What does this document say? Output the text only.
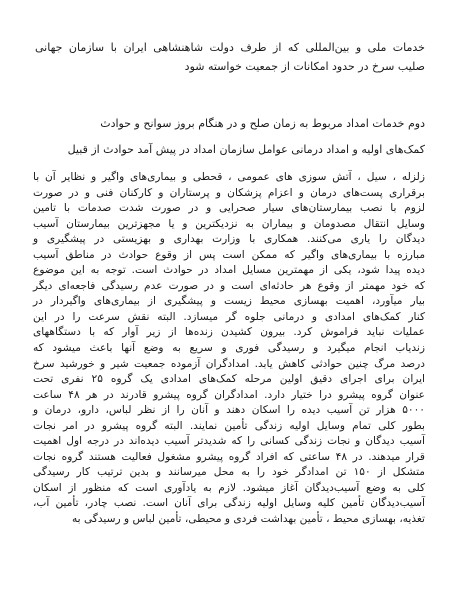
خدمات ملی و بین‌المللی که از طرف دولت شاهنشاهی ایران با سازمان جهانی
صلیب سرخ در حدود امکانات از جمعیت خواسته شود

دوم خدمات امداد مربوط به زمان صلح و در هنگام بروز سوانح و حوادث

کمک‌های اولیه و امداد درمانی عوامل سازمان امداد در پیش آمد حوادث از قبیل

زلزله ، سیل ، آتش سوزی های عمومی ، قحطی و بیماری‌های واگیر و نظایر آن با
برقراری پست‌های درمان و اعزام پزشکان و پرستاران و کارکنان فنی و در صورت
لزوم با نصب بیمارستان‌های سیار صحرایی و در صورت شدت صدمات با تامین
وسایل انتقال مصدومان و بیماران به نزدیکترین و یا مجهزترین بیمارستان آسیب
دیدگان را یاری می‌کنند. همکاری با وزارت بهداری و بهزیستی در پیشگیری و
مبارزه با بیماری‌های واگیر که ممکن است پس از وقوع حوادث در مناطق آسیب
دیده پیدا شود، یکی از مهمترین مسایل امداد در حوادث است. توجه به این موضوع
که خود مهمتر از وقوع هر حادثه‌ای است و در صورت عدم رسیدگی فاجعه‌ای دیگر
بیار میآورد، اهمیت بهسازی محیط زیست و پیشگیری از بیماری‌های واگیردار در
کنار کمک‌های امدادی و درمانی جلوه گر میسازد. البته نقش سرعت را در این
عملیات نباید فراموش کرد. بیرون کشیدن زنده‌ها از زیر آوار که با دستگاههای
زندیاب انجام میگیرد و رسیدگی فوری و سریع به وضع آنها باعث میشود که
درصد مرگ چنین حوادثی کاهش یابد. امدادگران آزموده جمعیت شیر و خورشید سرخ
ایران برای اجرای دقیق اولین مرحله کمک‌های امدادی یک گروه ۲۵ نفری تحت
عنوان گروه پیشرو درا ختیار دارد. امدادگران گروه پیشرو قادرند در هر ۴۸ ساعت
۵۰۰۰ هزار تن آسیب دیده را اسکان دهند و آنان را از نظر لباس، دارو، درمان و
بطور کلی تمام وسایل اولیه زندگی تأمین نمایند. البته گروه پیشرو در امر نجات
آسیب دیدگان و نجات زندگی کسانی را که شدیدتر آسیب دیده‌اند در درجه اول اهمیت
قرار میدهند. در ۴۸ ساعتی که افراد گروه پیشرو مشغول فعالیت هستند گروه نجات
متشکل از ۱۵۰ تن امدادگر خود را به محل میرسانند و بدین ترتیب کار رسیدگی
کلی به وضع آسیب‌دیدگان آغاز میشود. لازم به یادآوری است که منظور از اسکان
آسیب‌دیدگان تأمین کلیه وسایل اولیه زندگی برای آنان است. نصب چادر، تأمین آب،
تغذیه، بهسازی محیط ، تأمین بهداشت فردی و محیطی، تأمین لباس و رسیدگی به
